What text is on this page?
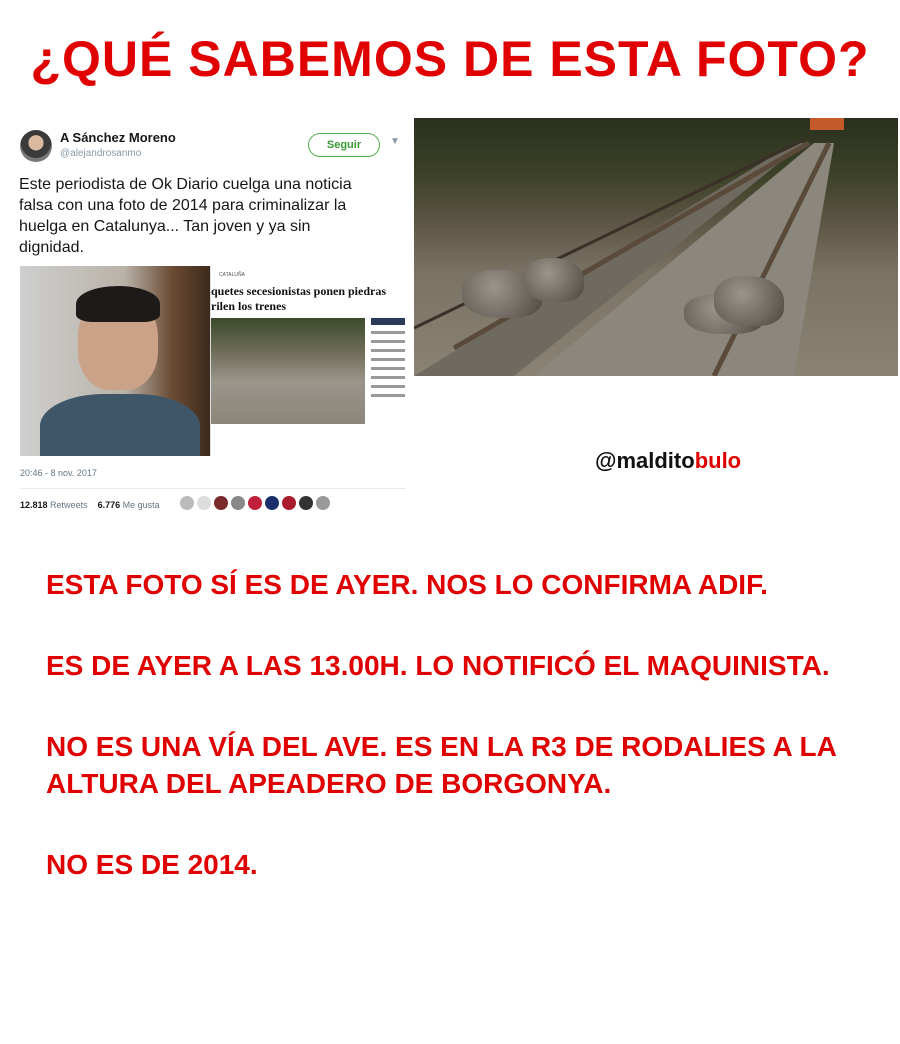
¿QUÉ SABEMOS DE ESTA FOTO?
A Sánchez Moreno
@alejandrosanmo
Seguir	▼
Este periodista de Ok Diario cuelga una noticia falsa con una foto de 2014 para criminalizar la huelga en Catalunya... Tan joven y ya sin dignidad.
CATALUÑA
quetes secesionistas ponen piedras rilen los trenes
20:46 - 8 nov. 2017
12.818 Retweets 6.776 Me gusta
@malditobulo

ESTA FOTO SÍ ES DE AYER. NOS LO CONFIRMA ADIF.

ES DE AYER A LAS 13.00H. LO NOTIFICÓ EL MAQUINISTA.

NO ES UNA VÍA DEL AVE. ES EN LA R3 DE RODALIES A LA ALTURA DEL APEADERO DE BORGONYA.

NO ES DE 2014.
